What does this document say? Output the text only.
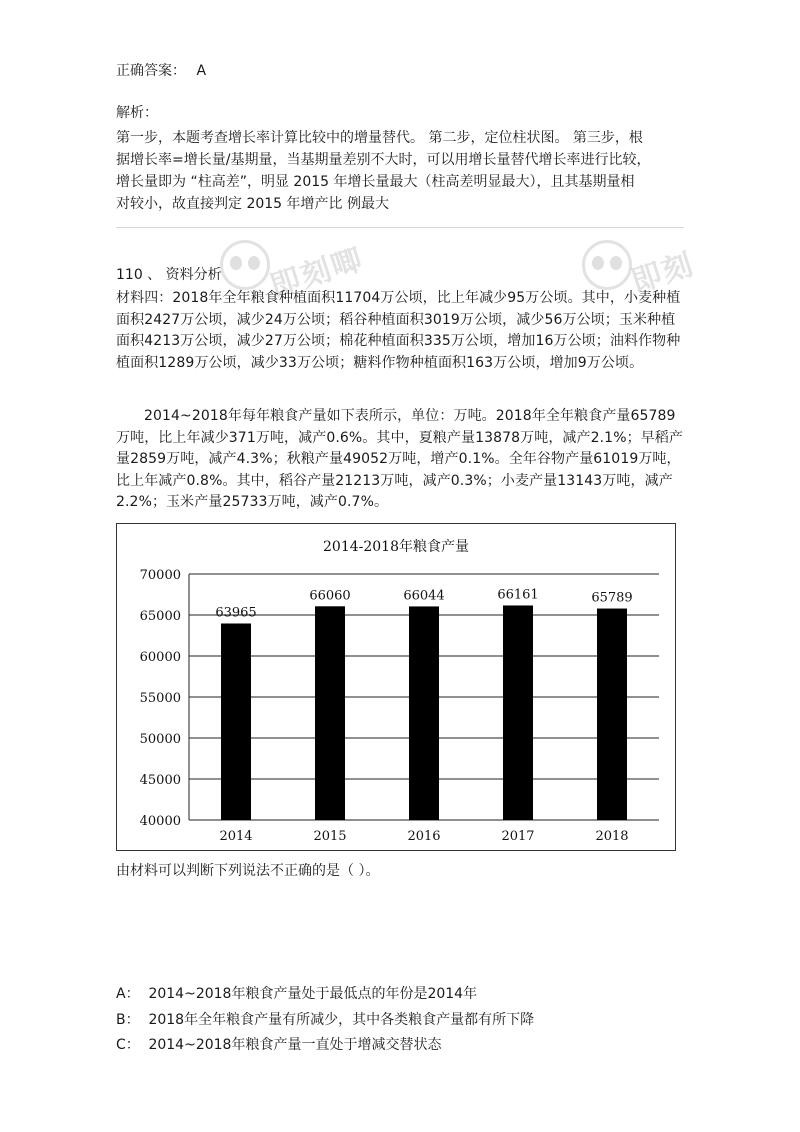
正确答案： A
解析：
第一步，本题考查增长率计算比较中的增量替代。 第二步，定位柱状图。 第三步，根
据增长率=增长量/基期量，当基期量差别不大时，可以用增长量替代增长率进行比较，
增长量即为 “柱高差”，明显 2015 年增长量最大（柱高差明显最大），且其基期量相
对较小，故直接判定 2015 年增产比 例最大
即刻唧	即刻
110 、 资料分析

材料四：2018年全年粮食种植面积11704万公顷，比上年减少95万公顷。其中，小麦种植面积2427万公顷，减少24万公顷；稻谷种植面积3019万公顷，减少56万公顷；玉米种植面积4213万公顷，减少27万公顷；棉花种植面积335万公顷，增加16万公顷；油料作物种植面积1289万公顷，减少33万公顷；糖料作物种植面积163万公顷，增加9万公顷。

2014~2018年每年粮食产量如下表所示，单位：万吨。2018年全年粮食产量65789万吨，比上年减少371万吨，减产0.6%。其中，夏粮产量13878万吨，减产2.1%；早稻产量2859万吨，减产4.3%；秋粮产量49052万吨，增产0.1%。全年谷物产量61019万吨，比上年减产0.8%。其中，稻谷产量21213万吨，减产0.3%；小麦产量13143万吨，减产2.2%；玉米产量25733万吨，减产0.7%。

2014-2018年粮食产量
40000
45000
50000
55000
60000
65000
70000
63965
2014
66060
2015
66044
2016
66161
2017
65789
2018
由材料可以判断下列说法不正确的是（ ）。
A： 2014~2018年粮食产量处于最低点的年份是2014年
B： 2018年全年粮食产量有所减少，其中各类粮食产量都有所下降
C： 2014~2018年粮食产量一直处于增减交替状态
